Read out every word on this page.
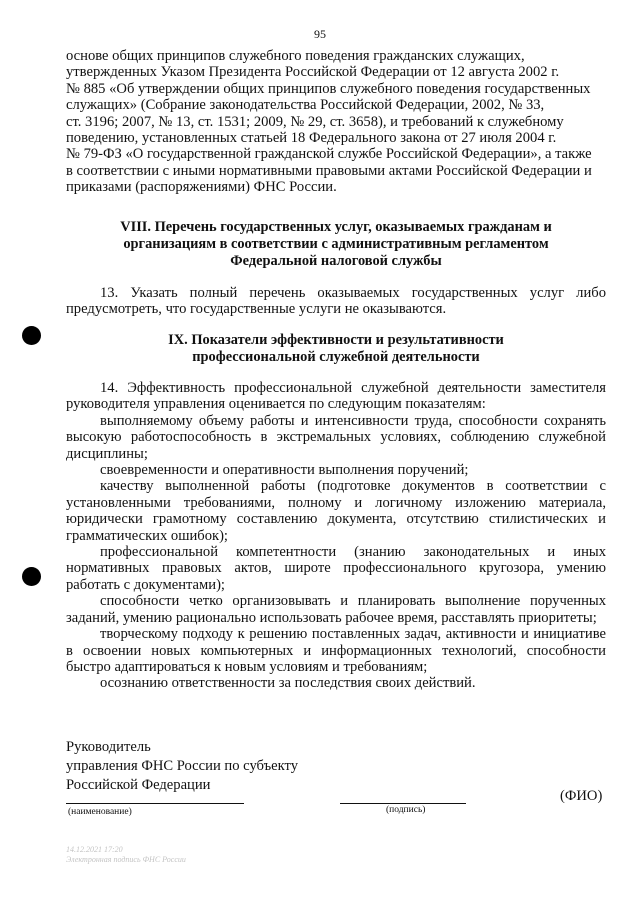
95

основе общих принципов служебного поведения гражданских служащих,

утвержденных Указом Президента Российской Федерации от 12 августа 2002 г.

№ 885 «Об утверждении общих принципов служебного поведения государственных

служащих» (Собрание законодательства Российской Федерации, 2002, № 33,

ст. 3196; 2007, № 13, ст. 1531; 2009, № 29, ст. 3658), и требований к служебному

поведению, установленных статьей 18 Федерального закона от 27 июля 2004 г.

№ 79-ФЗ «О государственной гражданской службе Российской Федерации», а также

в соответствии с иными нормативными правовыми актами Российской Федерации и

приказами (распоряжениями) ФНС России.

VIII. Перечень государственных услуг, оказываемых гражданам и
организациям в соответствии с административным регламентом
Федеральной налоговой службы

13. Указать полный перечень оказываемых государственных услуг либо предусмотреть, что государственные услуги не оказываются.

IX. Показатели эффективности и результативности
профессиональной служебной деятельности

14. Эффективность профессиональной служебной деятельности заместителя руководителя управления оценивается по следующим показателям:

выполняемому объему работы и интенсивности труда, способности сохранять высокую работоспособность в экстремальных условиях, соблюдению служебной дисциплины;

своевременности и оперативности выполнения поручений;

качеству выполненной работы (подготовке документов в соответствии с установленными требованиями, полному и логичному изложению материала, юридически грамотному составлению документа, отсутствию стилистических и грамматических ошибок);

профессиональной компетентности (знанию законодательных и иных нормативных правовых актов, широте профессионального кругозора, умению работать с документами);

способности четко организовывать и планировать выполнение порученных заданий, умению рационально использовать рабочее время, расставлять приоритеты;

творческому подходу к решению поставленных задач, активности и инициативе в освоении новых компьютерных и информационных технологий, способности быстро адаптироваться к новым условиям и требованиям;

осознанию ответственности за последствия своих действий.

Руководитель
управления ФНС России по субъекту
Российской Федерации
(наименование)	(подпись)
(ФИО)
14.12.2021 17:20
Электронная подпись ФНС России
